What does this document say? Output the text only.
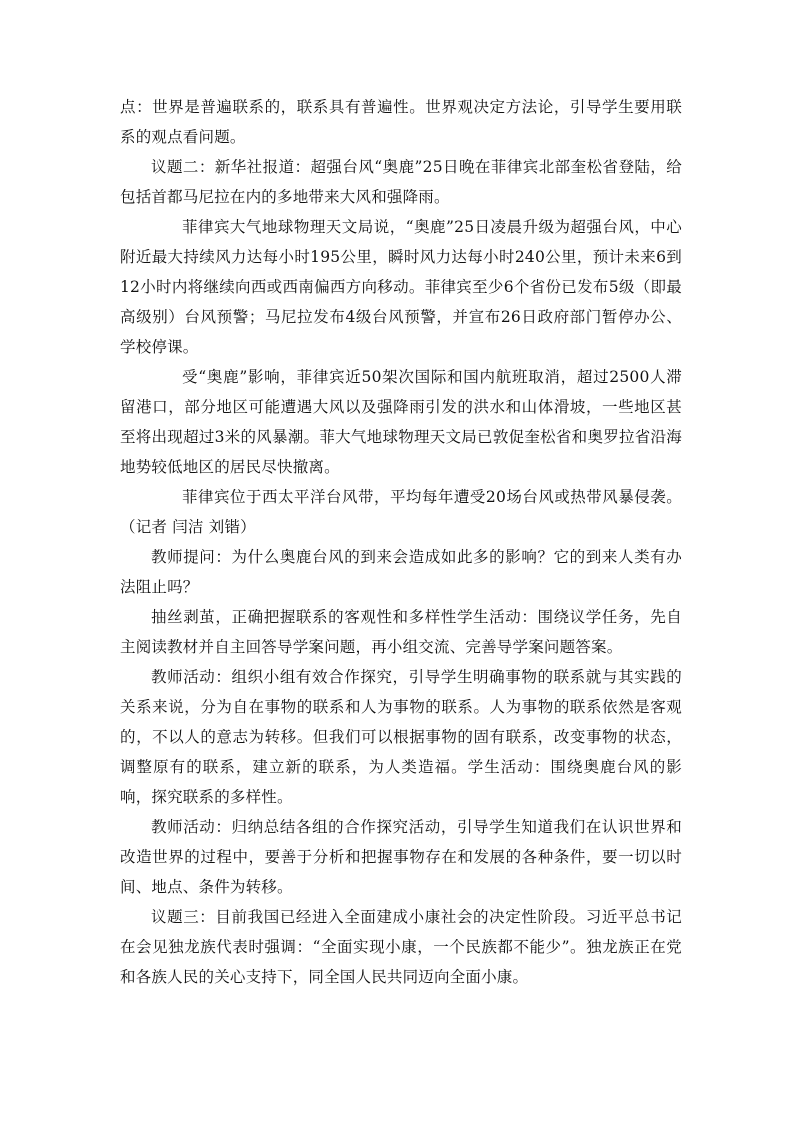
点：世界是普遍联系的，联系具有普遍性。世界观决定方法论，引导学生要用联系的观点看问题。

议题二：新华社报道：超强台风“奥鹿”25日晚在菲律宾北部奎松省登陆，给包括首都马尼拉在内的多地带来大风和强降雨。

菲律宾大气地球物理天文局说，“奥鹿”25日凌晨升级为超强台风，中心附近最大持续风力达每小时195公里，瞬时风力达每小时240公里，预计未来6到12小时内将继续向西或西南偏西方向移动。菲律宾至少6个省份已发布5级（即最高级别）台风预警；马尼拉发布4级台风预警，并宣布26日政府部门暂停办公、学校停课。

受“奥鹿”影响，菲律宾近50架次国际和国内航班取消，超过2500人滞留港口，部分地区可能遭遇大风以及强降雨引发的洪水和山体滑坡，一些地区甚至将出现超过3米的风暴潮。菲大气地球物理天文局已敦促奎松省和奥罗拉省沿海地势较低地区的居民尽快撤离。

菲律宾位于西太平洋台风带，平均每年遭受20场台风或热带风暴侵袭。（记者 闫洁 刘锴）

教师提问：为什么奥鹿台风的到来会造成如此多的影响？它的到来人类有办法阻止吗？

抽丝剥茧，正确把握联系的客观性和多样性学生活动：围绕议学任务，先自主阅读教材并自主回答导学案问题，再小组交流、完善导学案问题答案。

教师活动：组织小组有效合作探究，引导学生明确事物的联系就与其实践的关系来说，分为自在事物的联系和人为事物的联系。人为事物的联系依然是客观的，不以人的意志为转移。但我们可以根据事物的固有联系，改变事物的状态，调整原有的联系，建立新的联系，为人类造福。学生活动：围绕奥鹿台风的影响，探究联系的多样性。

教师活动：归纳总结各组的合作探究活动，引导学生知道我们在认识世界和改造世界的过程中，要善于分析和把握事物存在和发展的各种条件，要一切以时间、地点、条件为转移。

议题三：目前我国已经进入全面建成小康社会的决定性阶段。习近平总书记在会见独龙族代表时强调：“全面实现小康，一个民族都不能少”。独龙族正在党和各族人民的关心支持下，同全国人民共同迈向全面小康。
